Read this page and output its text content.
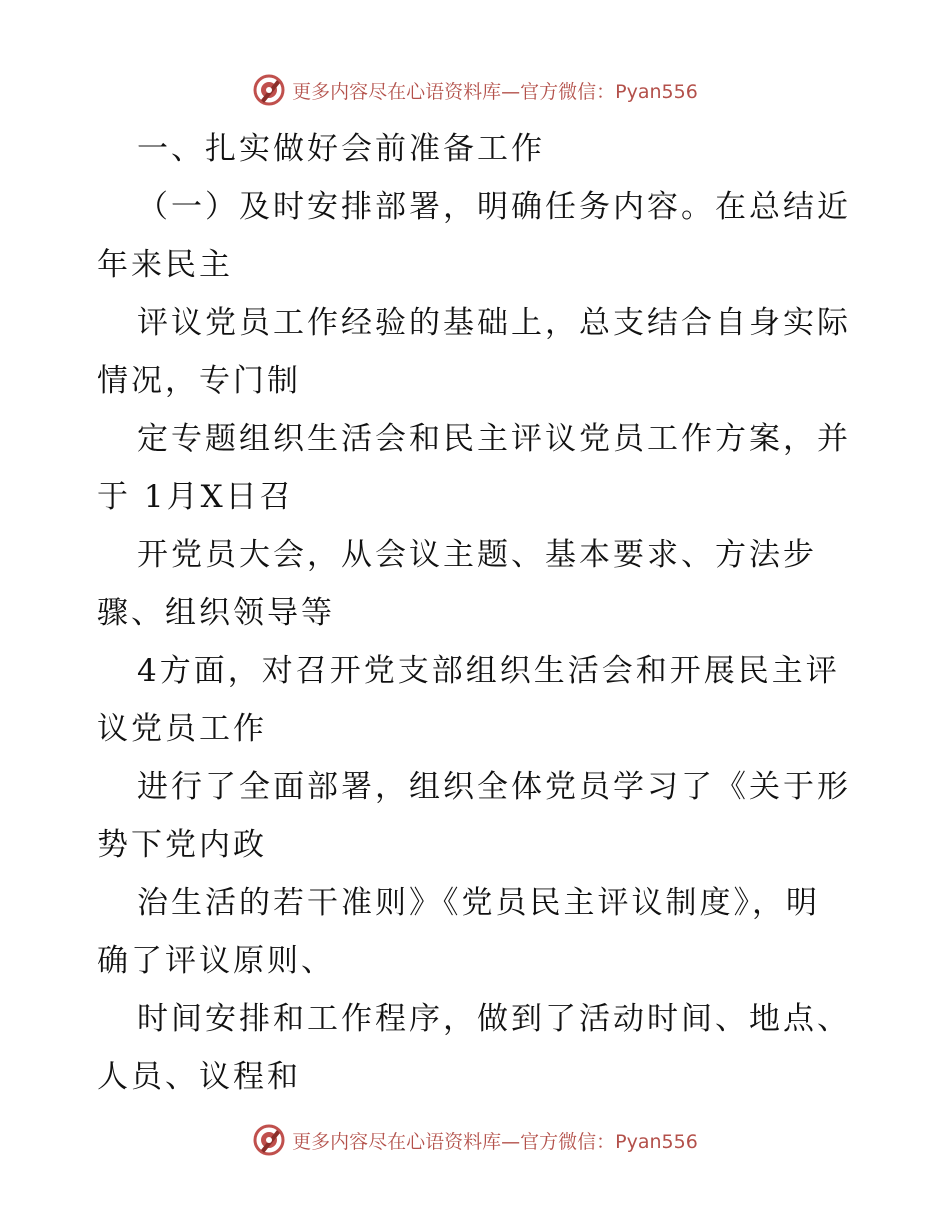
更多内容尽在心语资料库—官方微信：Pyan556
一、扎实做好会前准备工作
（一）及时安排部署，明确任务内容。在总结近
年来民主
评议党员工作经验的基础上，总支结合自身实际
情况，专门制
定专题组织生活会和民主评议党员工作方案，并
于 1月X日召
开党员大会，从会议主题、基本要求、方法步
骤、组织领导等
4方面，对召开党支部组织生活会和开展民主评
议党员工作
进行了全面部署，组织全体党员学习了《关于形
势下党内政
治生活的若干准则》《党员民主评议制度》，明
确了评议原则、
时间安排和工作程序，做到了活动时间、地点、
人员、议程和
更多内容尽在心语资料库—官方微信：Pyan556
